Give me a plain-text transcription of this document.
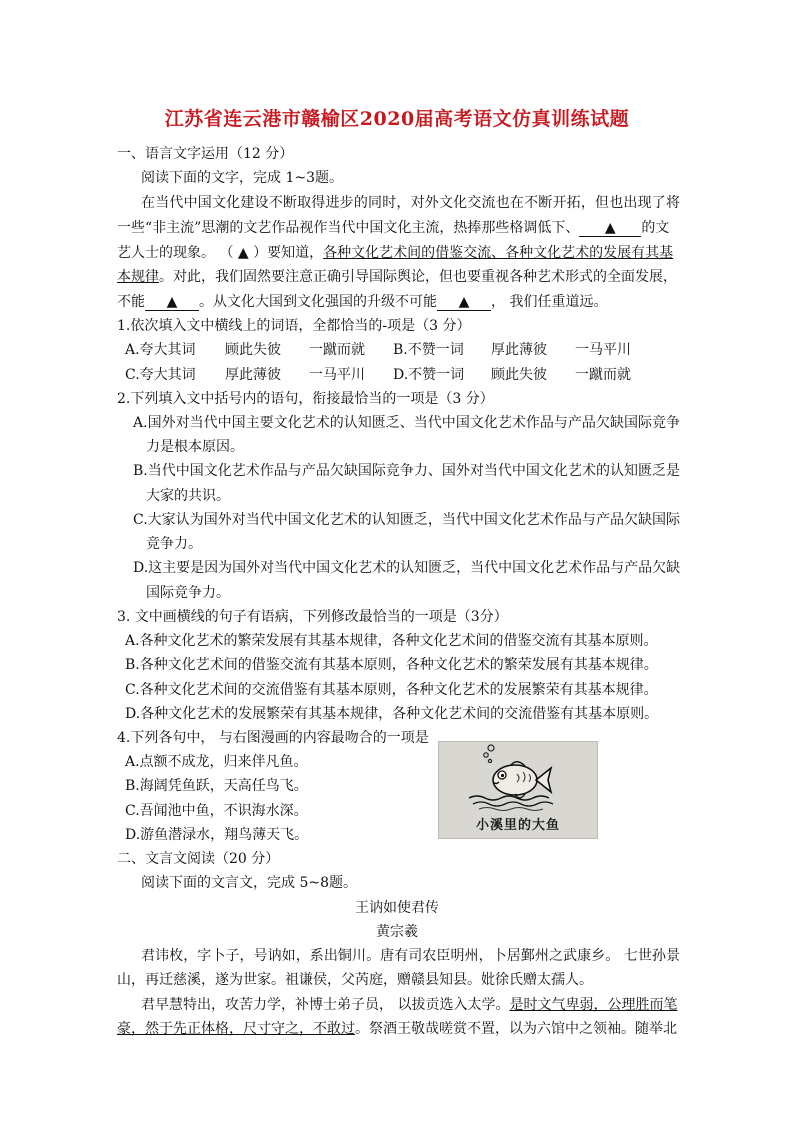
江苏省连云港市赣榆区2020届高考语文仿真训练试题
一、语言文字运用（12 分）
阅读下面的文字，完成 1~3题。
在当代中国文化建设不断取得进步的同时，对外文化交流也在不断开拓，但也出现了将
一些“非主流”思潮的文艺作品视作当代中国文化主流，热捧那些格调低下、 ▲ 的文
艺人士的现象。 （ ▲ ）要知道，各种文化艺术间的借鉴交流、各种文化艺术的发展有其基
本规律。对此，我们固然要注意正确引导国际舆论，但也要重视各种艺术形式的全面发展，
不能 ▲ 。从文化大国到文化强国的升级不可能 ▲ ， 我们任重道远。
1.依次填入文中横线上的词语，全都恰当的-项是（3 分）
A.夸大其词 顾此失彼 一蹴而就 B.不赞一词 厚此薄彼 一马平川
C.夸大其词 厚此薄彼 一马平川 D.不赞一词 顾此失彼 一蹴而就
2.下列填入文中括号内的语句，衔接最恰当的一项是（3 分）
A.国外对当代中国主要文化艺术的认知匮乏、当代中国文化艺术作品与产品欠缺国际竞争
力是根本原因。
B.当代中国文化艺术作品与产品欠缺国际竞争力、国外对当代中国文化艺术的认知匮乏是
大家的共识。
C.大家认为国外对当代中国文化艺术的认知匮乏，当代中国文化艺术作品与产品欠缺国际
竞争力。
D.这主要是因为国外对当代中国文化艺术的认知匮乏，当代中国文化艺术作品与产品欠缺
国际竞争力。
3. 文中画横线的句子有语病，下列修改最恰当的一项是（3分）
A.各种文化艺术的繁荣发展有其基本规律，各种文化艺术间的借鉴交流有其基本原则。
B.各种文化艺术间的借鉴交流有其基本原则，各种文化艺术的繁荣发展有其基本规律。
C.各种文化艺术间的交流借鉴有其基本原则，各种文化艺术的发展繁荣有其基本规律。
D.各种文化艺术的发展繁荣有其基本规律，各种文化艺术间的交流借鉴有其基本原则。
4.下列各句中， 与右图漫画的内容最吻合的一项是
A.点额不成龙，归来伴凡鱼。
B.海阔凭鱼跃，天高任鸟飞。
C.吾闻池中鱼，不识海水深。
D.游鱼潜渌水，翔鸟薄天飞。
小溪里的大鱼
二、文言文阅读（20 分）
阅读下面的文言文，完成 5~8题。
王讷如使君传
黄宗羲
君讳枚，字卜子，号讷如，系出铜川。唐有司农臣明州，卜居鄞州之武康乡。 七世孙景
山，再迁慈溪，遂为世家。祖谦侯，父芮庭，赠赣县知县。妣徐氏赠太孺人。
君早慧特出，攻苦力学，补博士弟子员， 以拔贡选入太学。是时文气卑弱，公理胜而笔
豪，然于先正体格，尺寸守之，不敢过。祭酒王敬哉嗟赏不置，以为六馆中之领袖。随举北
